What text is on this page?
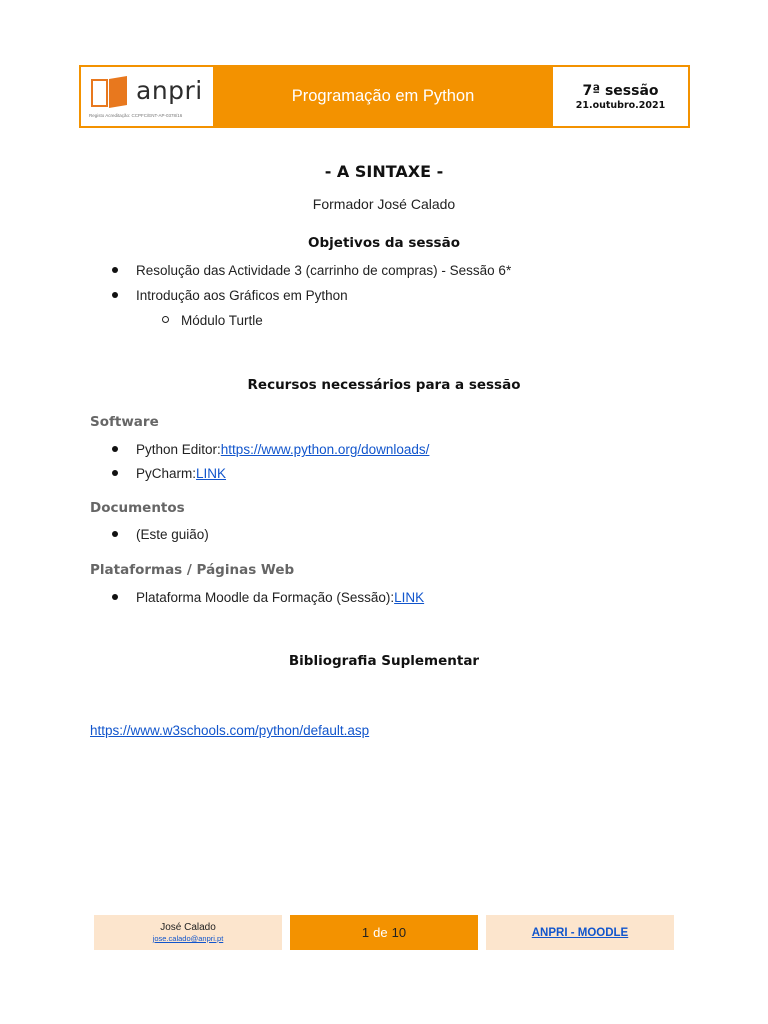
anpri
Registo Acreditação: CCPFC/ENT-AP-0378/16
Programação em Python	7ª sessão
21.outubro.2021
- A SINTAXE -
Formador José Calado
Objetivos da sessão
Resolução das Actividade 3 (carrinho de compras) - Sessão 6*
Introdução aos Gráficos em Python
Módulo Turtle
Recursos necessários para a sessão
Software
Python Editor: https://www.python.org/downloads/
PyCharm: LINK
Documentos
(Este guião)
Plataformas / Páginas Web
Plataforma Moodle da Formação (Sessão): LINK
Bibliografia Suplementar
https://www.w3schools.com/python/default.asp
José Calado
jose.calado@anpri.pt	1 de 10	ANPRI - MOODLE
